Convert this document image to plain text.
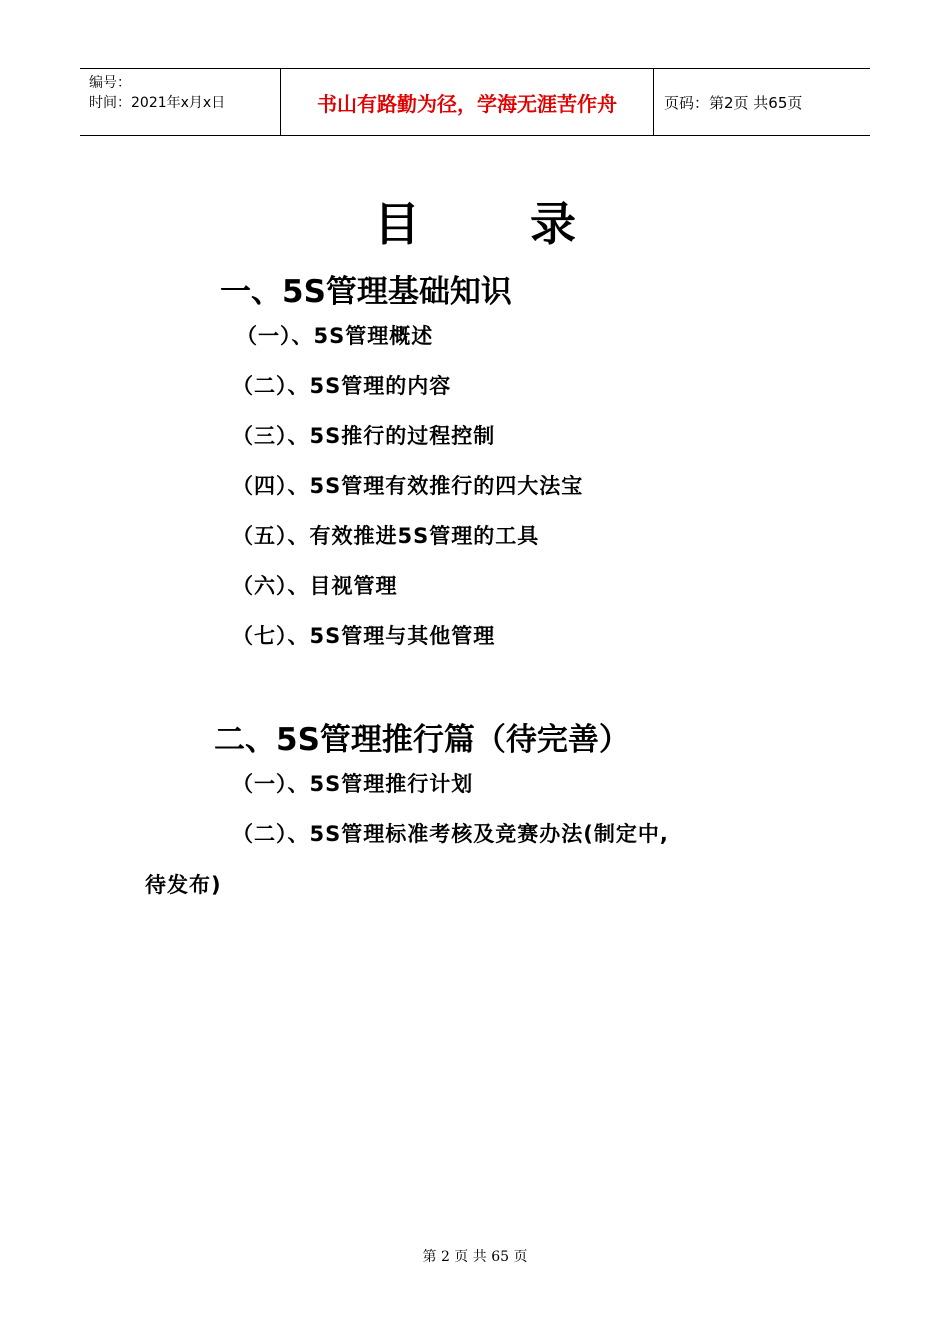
编号：
时间：2021年x月x日	书山有路勤为径，学海无涯苦作舟	页码：第2页 共65页
目录
一、5S管理基础知识
（一）、5S管理概述
（二）、5S管理的内容
（三）、5S推行的过程控制
（四）、5S管理有效推行的四大法宝
（五）、有效推进5S管理的工具
（六）、目视管理
（七）、5S管理与其他管理
二、5S管理推行篇（待完善）
（一）、5S管理推行计划
（二）、5S管理标准考核及竞赛办法(制定中,
待发布)
第 2 页 共 65 页
